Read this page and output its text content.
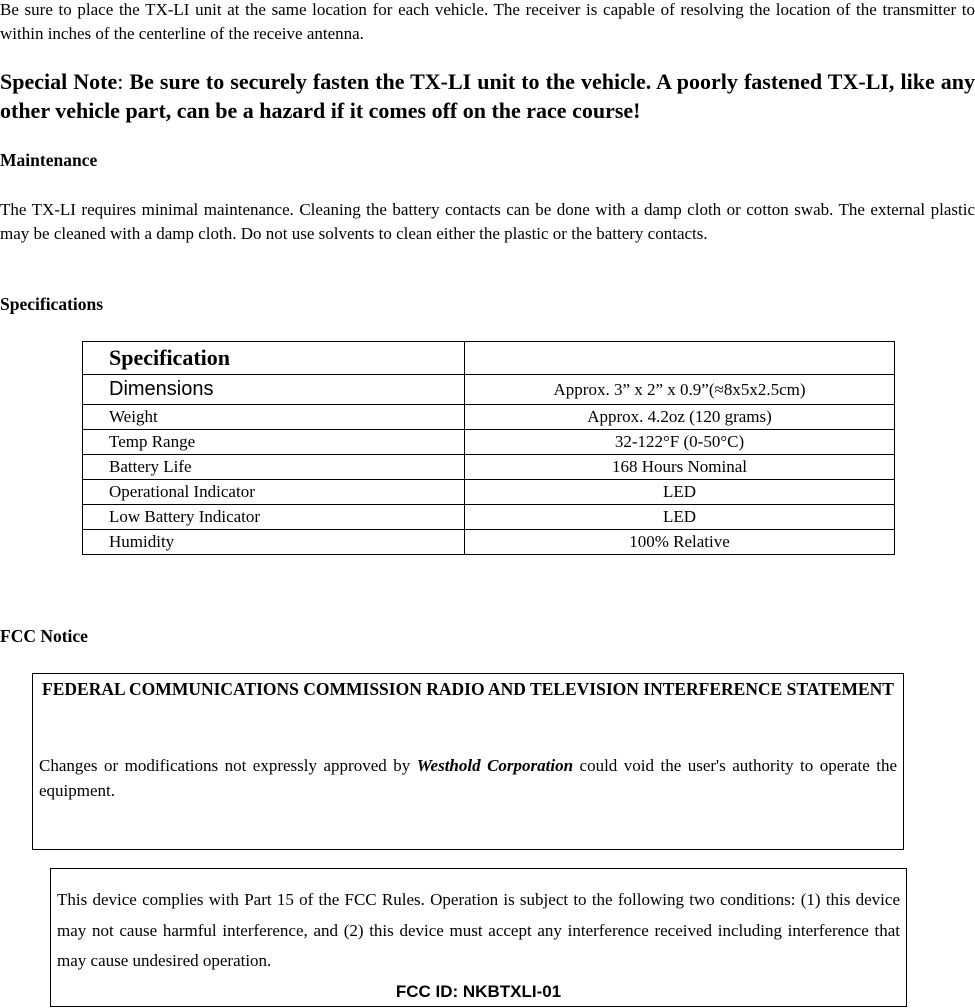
Be sure to place the TX-LI unit at the same location for each vehicle. The receiver is capable of resolving the location of the transmitter to within inches of the centerline of the receive antenna.

Special Note: Be sure to securely fasten the TX-LI unit to the vehicle. A poorly fastened TX-LI, like any other vehicle part, can be a hazard if it comes off on the race course!

Maintenance

The TX-LI requires minimal maintenance. Cleaning the battery contacts can be done with a damp cloth or cotton swab. The external plastic may be cleaned with a damp cloth. Do not use solvents to clean either the plastic or the battery contacts.

Specifications

Specification	
Dimensions	Approx. 3” x 2” x 0.9”(≈8x5x2.5cm)
Weight	Approx. 4.2oz (120 grams)
Temp Range	32-122°F (0-50°C)
Battery Life	168 Hours Nominal
Operational Indicator	LED
Low Battery Indicator	LED
Humidity	100% Relative

FCC Notice

FEDERAL COMMUNICATIONS COMMISSION RADIO AND TELEVISION INTERFERENCE STATEMENT

Changes or modifications not expressly approved by Westhold Corporation could void the user's authority to operate the equipment.

This device complies with Part 15 of the FCC Rules. Operation is subject to the following two conditions: (1) this device may not cause harmful interference, and (2) this device must accept any interference received including interference that may cause undesired operation.

FCC ID: NKBTXLI-01
